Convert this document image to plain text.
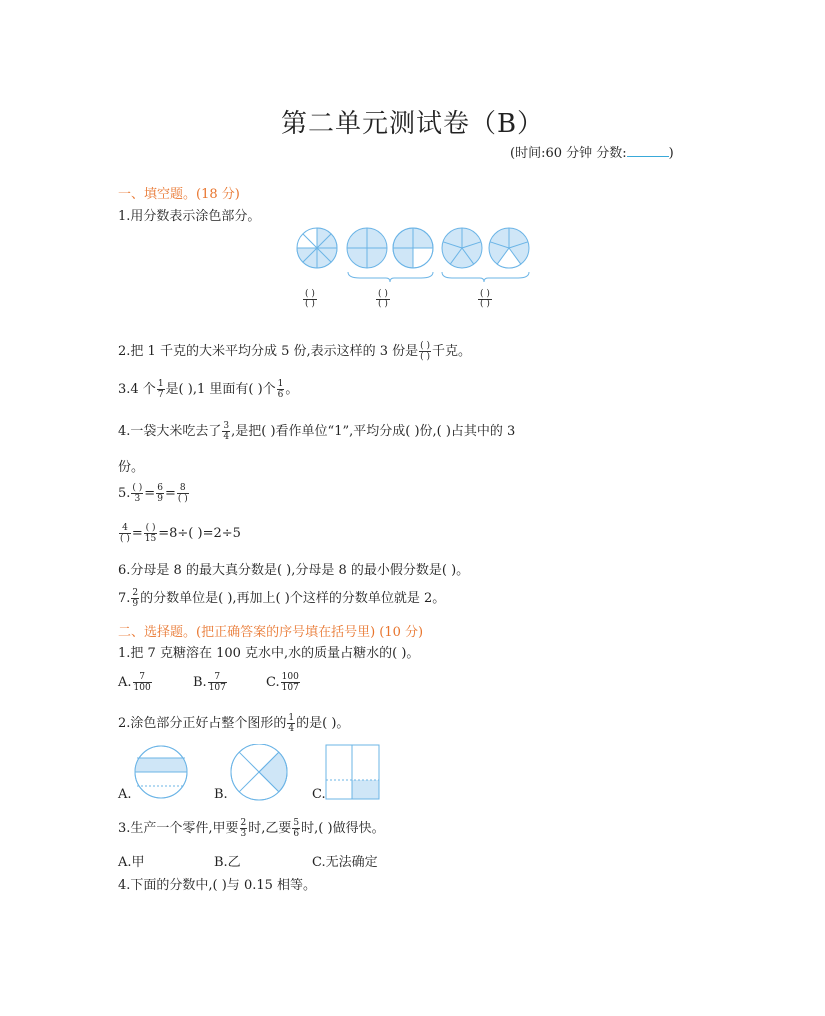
第二单元测试卷（B）
(时间:60 分钟 分数:	)
一、填空题。(18 分)
1.用分数表示涂色部分。
( )
( )
( )
( )
( )
( )
2.把 1 千克的大米平均分成 5 份,表示这样的 3 份是 $\frac{( )}{( )}$ 千克。
3.4 个 $\frac{1}{7}$ 是( ),1 里面有( )个 $\frac{1}{6}$ 。
4.一袋大米吃去了 $\frac{3}{4}$ ,是把( )看作单位“1”,平均分成( )份,( )占其中的 3
份。
5. $\frac{( )}{3} = \frac{6}{9} = \frac{8}{( )}$
$\frac{4}{( )} = \frac{( )}{15} =8\div$( )=2÷5
6.分母是 8 的最大真分数是( ),分母是 8 的最小假分数是( )。
7. $\frac{2}{9}$ 的分数单位是( ),再加上( )个这样的分数单位就是 2。
二、选择题。(把正确答案的序号填在括号里) (10 分)
1.把 7 克糖溶在 100 克水中,水的质量占糖水的( )。
A. $\frac{7}{100}$	B. $\frac{7}{107}$	C. $\frac{100}{107}$
2.涂色部分正好占整个图形的 $\frac{1}{4}$ 的是( )。
A.	B.	C.
3.生产一个零件,甲要 $\frac{2}{3}$ 时,乙要 $\frac{5}{6}$ 时,( )做得快。
A.甲	B.乙	C.无法确定
4.下面的分数中,( )与 0.15 相等。
